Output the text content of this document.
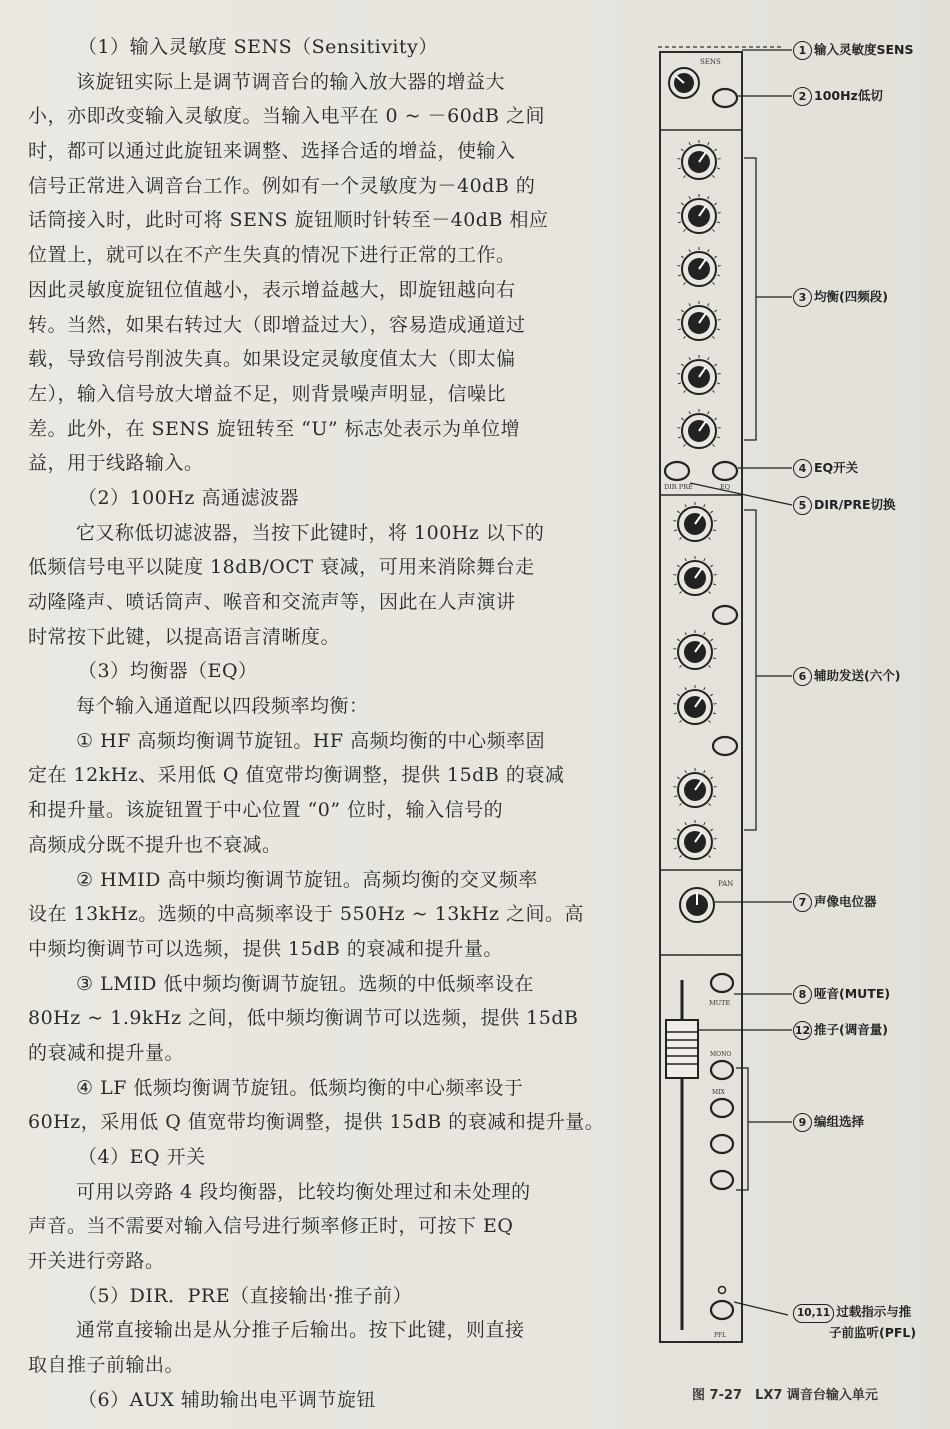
（1）输入灵敏度 SENS（Sensitivity）
该旋钮实际上是调节调音台的输入放大器的增益大
小，亦即改变输入灵敏度。当输入电平在 0 ~ －60dB 之间
时，都可以通过此旋钮来调整、选择合适的增益，使输入
信号正常进入调音台工作。例如有一个灵敏度为－40dB 的
话筒接入时，此时可将 SENS 旋钮顺时针转至－40dB 相应
位置上，就可以在不产生失真的情况下进行正常的工作。
因此灵敏度旋钮位值越小，表示增益越大，即旋钮越向右
转。当然，如果右转过大（即增益过大），容易造成通道过
载，导致信号削波失真。如果设定灵敏度值太大（即太偏
左），输入信号放大增益不足，则背景噪声明显，信噪比
差。此外，在 SENS 旋钮转至 “U” 标志处表示为单位增
益，用于线路输入。
（2）100Hz 高通滤波器
它又称低切滤波器，当按下此键时，将 100Hz 以下的
低频信号电平以陡度 18dB/OCT 衰减，可用来消除舞台走
动隆隆声、喷话筒声、喉音和交流声等，因此在人声演讲
时常按下此键，以提高语言清晰度。
（3）均衡器（EQ）
每个输入通道配以四段频率均衡：
① HF 高频均衡调节旋钮。HF 高频均衡的中心频率固
定在 12kHz、采用低 Q 值宽带均衡调整，提供 15dB 的衰减
和提升量。该旋钮置于中心位置 “0” 位时，输入信号的
高频成分既不提升也不衰减。
② HMID 高中频均衡调节旋钮。高频均衡的交叉频率
设在 13kHz。选频的中高频率设于 550Hz ~ 13kHz 之间。高
中频均衡调节可以选频，提供 15dB 的衰减和提升量。
③ LMID 低中频均衡调节旋钮。选频的中低频率设在
80Hz ~ 1.9kHz 之间，低中频均衡调节可以选频，提供 15dB
的衰减和提升量。
④ LF 低频均衡调节旋钮。低频均衡的中心频率设于
60Hz，采用低 Q 值宽带均衡调整，提供 15dB 的衰减和提升量。
（4）EQ 开关
可用以旁路 4 段均衡器，比较均衡处理过和未处理的
声音。当不需要对输入信号进行频率修正时，可按下 EQ
开关进行旁路。
（5）DIR．PRE（直接输出·推子前）
通常直接输出是从分推子后输出。按下此键，则直接
取自推子前输出。
（6）AUX 辅助输出电平调节旋钮
SENS
DIR PRE	EQ
PAN
MUTE
MONO
MIX
PFL
1 输入灵敏度SENS
2 100Hz低切
3 均衡(四频段)
4 EQ开关
5 DIR/PRE切换
6 辅助发送(六个)
7 声像电位器
8 哑音(MUTE)
12 推子(调音量)
9 编组选择
10,11 过载指示与推
子前监听(PFL)
图 7-27　LX7 调音台输入单元
